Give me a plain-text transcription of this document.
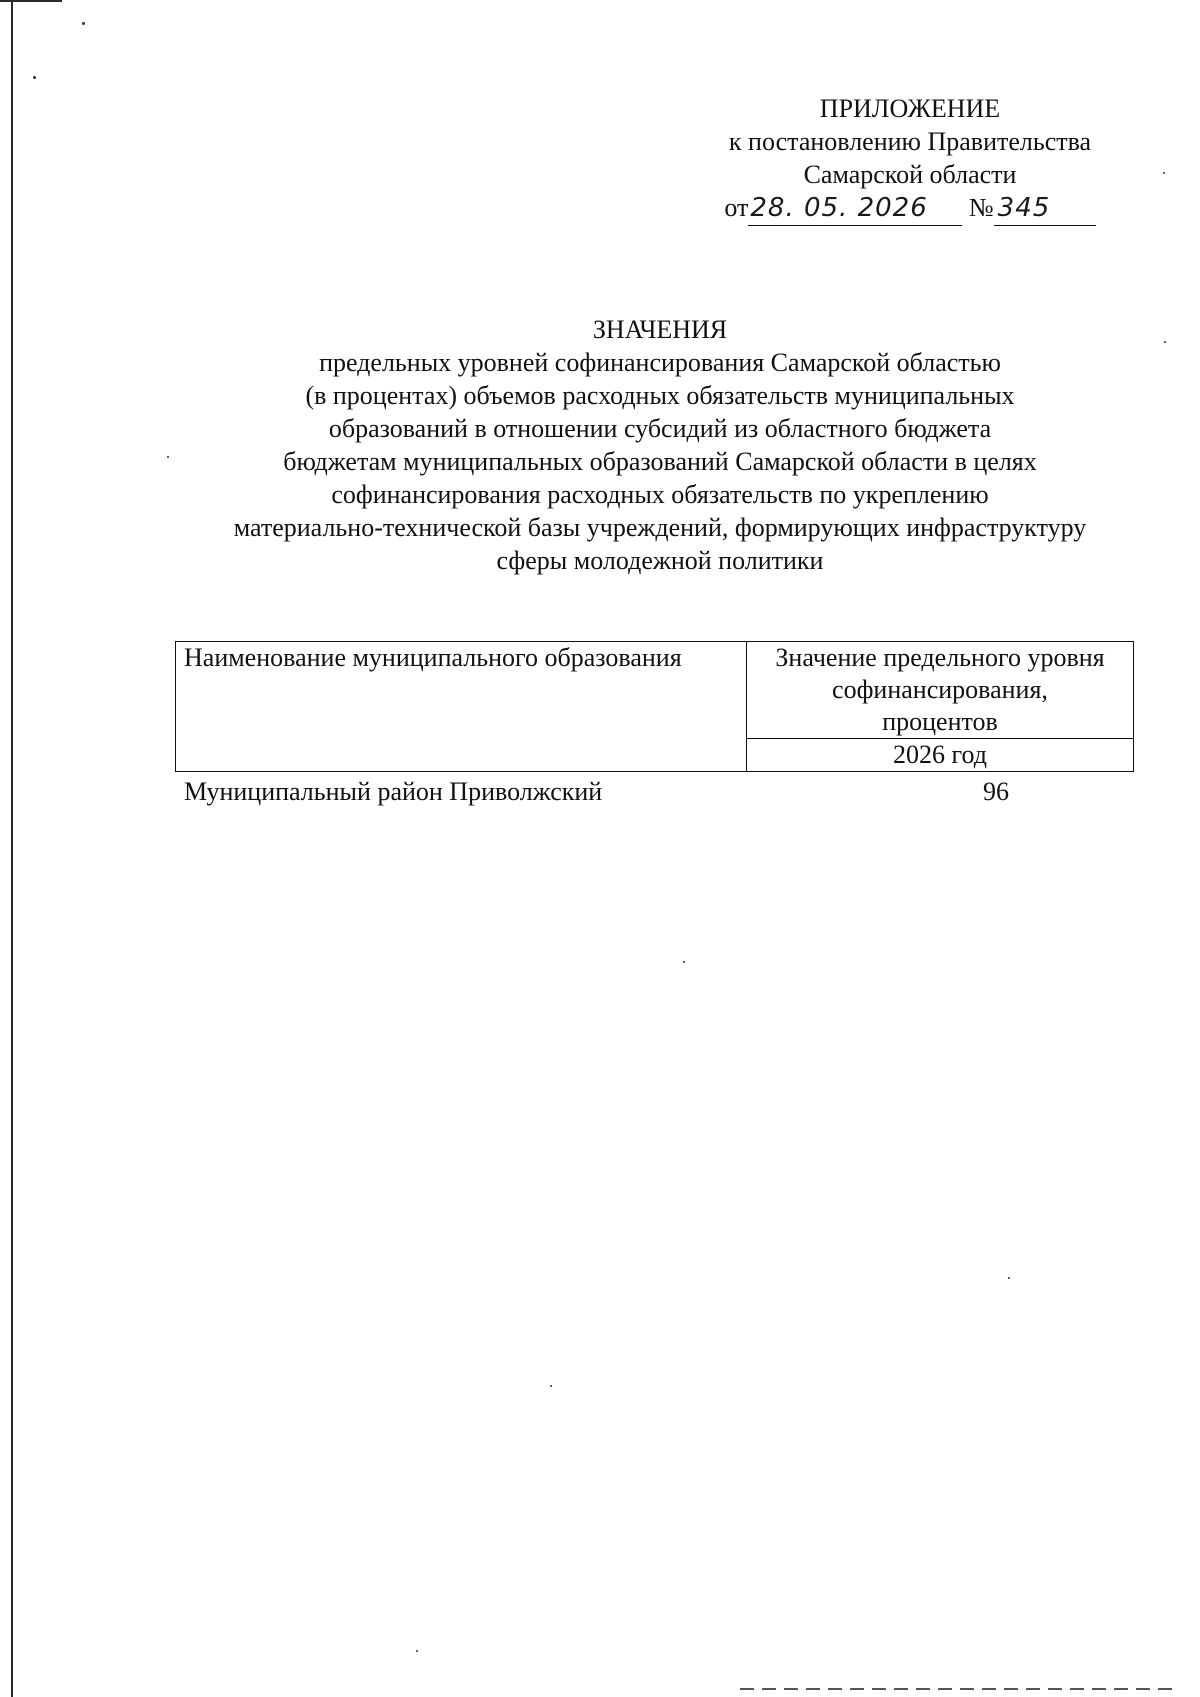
ПРИЛОЖЕНИЕ
к постановлению Правительства
Самарской области
от28. 05. 2026 № 345
ЗНАЧЕНИЯ
предельных уровней софинансирования Самарской областью
(в процентах) объемов расходных обязательств муниципальных
образований в отношении субсидий из областного бюджета
бюджетам муниципальных образований Самарской области в целях
софинансирования расходных обязательств по укреплению
материально-технической базы учреждений, формирующих инфраструктуру
сферы молодежной политики
Наименование муниципального образования	Значение предельного уровня
софинансирования,
процентов

2026 год
Муниципальный район Приволжский	96
